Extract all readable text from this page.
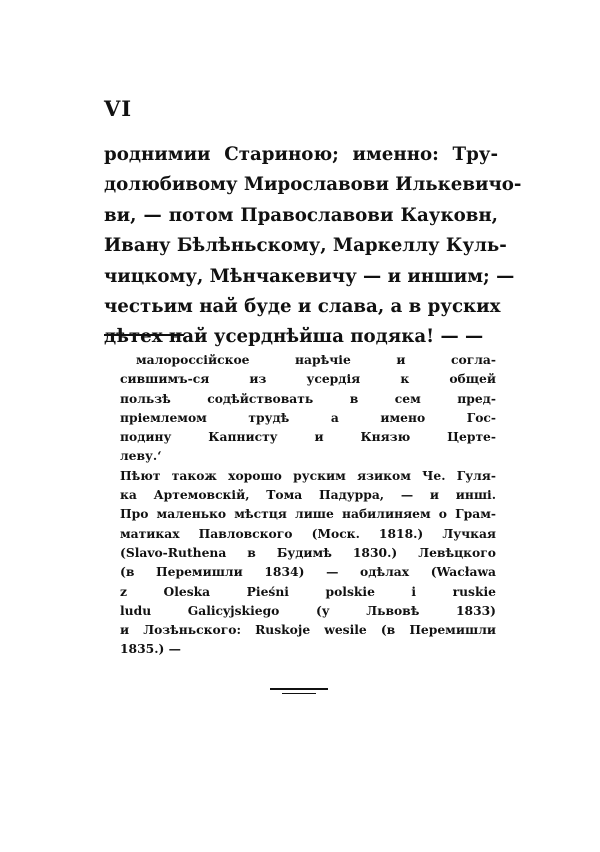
VI
роднимии Стариною; именно: Тру-
долюбивому Мирославови Илькевичо-
ви, — потом Православови Кауковн,
Ивану Бѣлѣньскому, Маркеллу Куль-
чицкому, Мѣнчакевичу — и иншим; —
честьим най буде и слава, а в руских
дѣтех най усерднѣйша подяка! — —
малороссійское нарѣчіе и согла-
сившимъ-ся из усердія к общей
пользѣ содѣйствовать в сем пред-
пріемлемом трудѣ а имено Гос-
подину Капнисту и Князю Церте-
леву.‘
Пѣют також хорошо руским язиком Че. Гуля-
ка Артемовскій, Тома Падурра, — и инші.
Про маленько мѣстця лише набилиняем о Грам-
матиках Павловского (Моск. 1818.) Лучкая
(Slavo-Ruthena в Будимѣ 1830.) Левѣцкого
(в Перемишли 1834) — одѣлах (Wacława
z Oleska Pieśni polskie i ruskie
ludu Galicyjskiego (у Львовѣ 1833)
и Лозѣньского: Ruskoje wesile (в Перемишли
1835.) —
